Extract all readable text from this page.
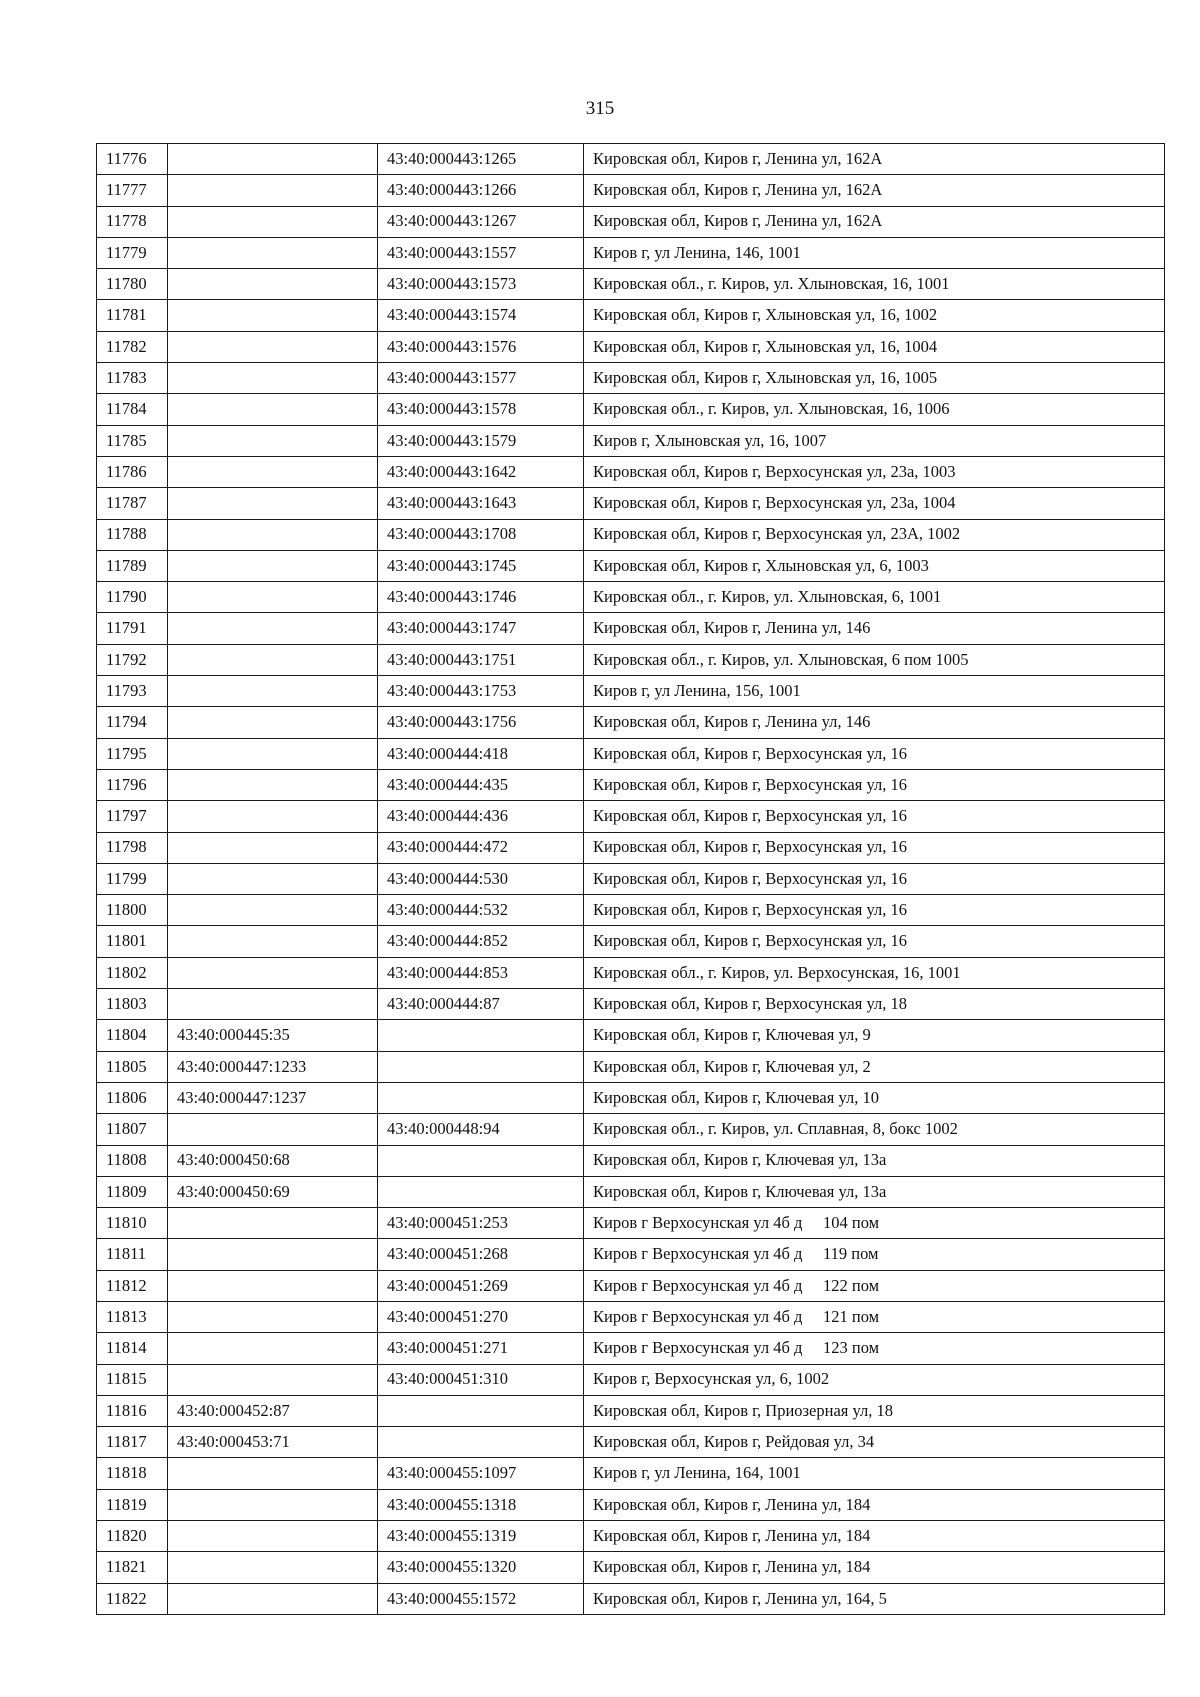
315
11776		43:40:000443:1265	Кировская обл, Киров г, Ленина ул, 162А
11777		43:40:000443:1266	Кировская обл, Киров г, Ленина ул, 162А
11778		43:40:000443:1267	Кировская обл, Киров г, Ленина ул, 162А
11779		43:40:000443:1557	Киров г, ул Ленина, 146, 1001
11780		43:40:000443:1573	Кировская обл., г. Киров, ул. Хлыновская, 16, 1001
11781		43:40:000443:1574	Кировская обл, Киров г, Хлыновская ул, 16, 1002
11782		43:40:000443:1576	Кировская обл, Киров г, Хлыновская ул, 16, 1004
11783		43:40:000443:1577	Кировская обл, Киров г, Хлыновская ул, 16, 1005
11784		43:40:000443:1578	Кировская обл., г. Киров, ул. Хлыновская, 16, 1006
11785		43:40:000443:1579	Киров г, Хлыновская ул, 16, 1007
11786		43:40:000443:1642	Кировская обл, Киров г, Верхосунская ул, 23а, 1003
11787		43:40:000443:1643	Кировская обл, Киров г, Верхосунская ул, 23а, 1004
11788		43:40:000443:1708	Кировская обл, Киров г, Верхосунская ул, 23А, 1002
11789		43:40:000443:1745	Кировская обл, Киров г, Хлыновская ул, 6, 1003
11790		43:40:000443:1746	Кировская обл., г. Киров, ул. Хлыновская, 6, 1001
11791		43:40:000443:1747	Кировская обл, Киров г, Ленина ул, 146
11792		43:40:000443:1751	Кировская обл., г. Киров, ул. Хлыновская, 6 пом 1005
11793		43:40:000443:1753	Киров г, ул Ленина, 156, 1001
11794		43:40:000443:1756	Кировская обл, Киров г, Ленина ул, 146
11795		43:40:000444:418	Кировская обл, Киров г, Верхосунская ул, 16
11796		43:40:000444:435	Кировская обл, Киров г, Верхосунская ул, 16
11797		43:40:000444:436	Кировская обл, Киров г, Верхосунская ул, 16
11798		43:40:000444:472	Кировская обл, Киров г, Верхосунская ул, 16
11799		43:40:000444:530	Кировская обл, Киров г, Верхосунская ул, 16
11800		43:40:000444:532	Кировская обл, Киров г, Верхосунская ул, 16
11801		43:40:000444:852	Кировская обл, Киров г, Верхосунская ул, 16
11802		43:40:000444:853	Кировская обл., г. Киров, ул. Верхосунская, 16, 1001
11803		43:40:000444:87	Кировская обл, Киров г, Верхосунская ул, 18
11804	43:40:000445:35		Кировская обл, Киров г, Ключевая ул, 9
11805	43:40:000447:1233		Кировская обл, Киров г, Ключевая ул, 2
11806	43:40:000447:1237		Кировская обл, Киров г, Ключевая ул, 10
11807		43:40:000448:94	Кировская обл., г. Киров, ул. Сплавная, 8, бокс 1002
11808	43:40:000450:68		Кировская обл, Киров г, Ключевая ул, 13а
11809	43:40:000450:69		Кировская обл, Киров г, Ключевая ул, 13а
11810		43:40:000451:253	Киров г Верхосунская ул 4б д     104 пом
11811		43:40:000451:268	Киров г Верхосунская ул 4б д     119 пом
11812		43:40:000451:269	Киров г Верхосунская ул 4б д     122 пом
11813		43:40:000451:270	Киров г Верхосунская ул 4б д     121 пом
11814		43:40:000451:271	Киров г Верхосунская ул 4б д     123 пом
11815		43:40:000451:310	Киров г, Верхосунская ул, 6, 1002
11816	43:40:000452:87		Кировская обл, Киров г, Приозерная ул, 18
11817	43:40:000453:71		Кировская обл, Киров г, Рейдовая ул, 34
11818		43:40:000455:1097	Киров г, ул Ленина, 164, 1001
11819		43:40:000455:1318	Кировская обл, Киров г, Ленина ул, 184
11820		43:40:000455:1319	Кировская обл, Киров г, Ленина ул, 184
11821		43:40:000455:1320	Кировская обл, Киров г, Ленина ул, 184
11822		43:40:000455:1572	Кировская обл, Киров г, Ленина ул, 164, 5
